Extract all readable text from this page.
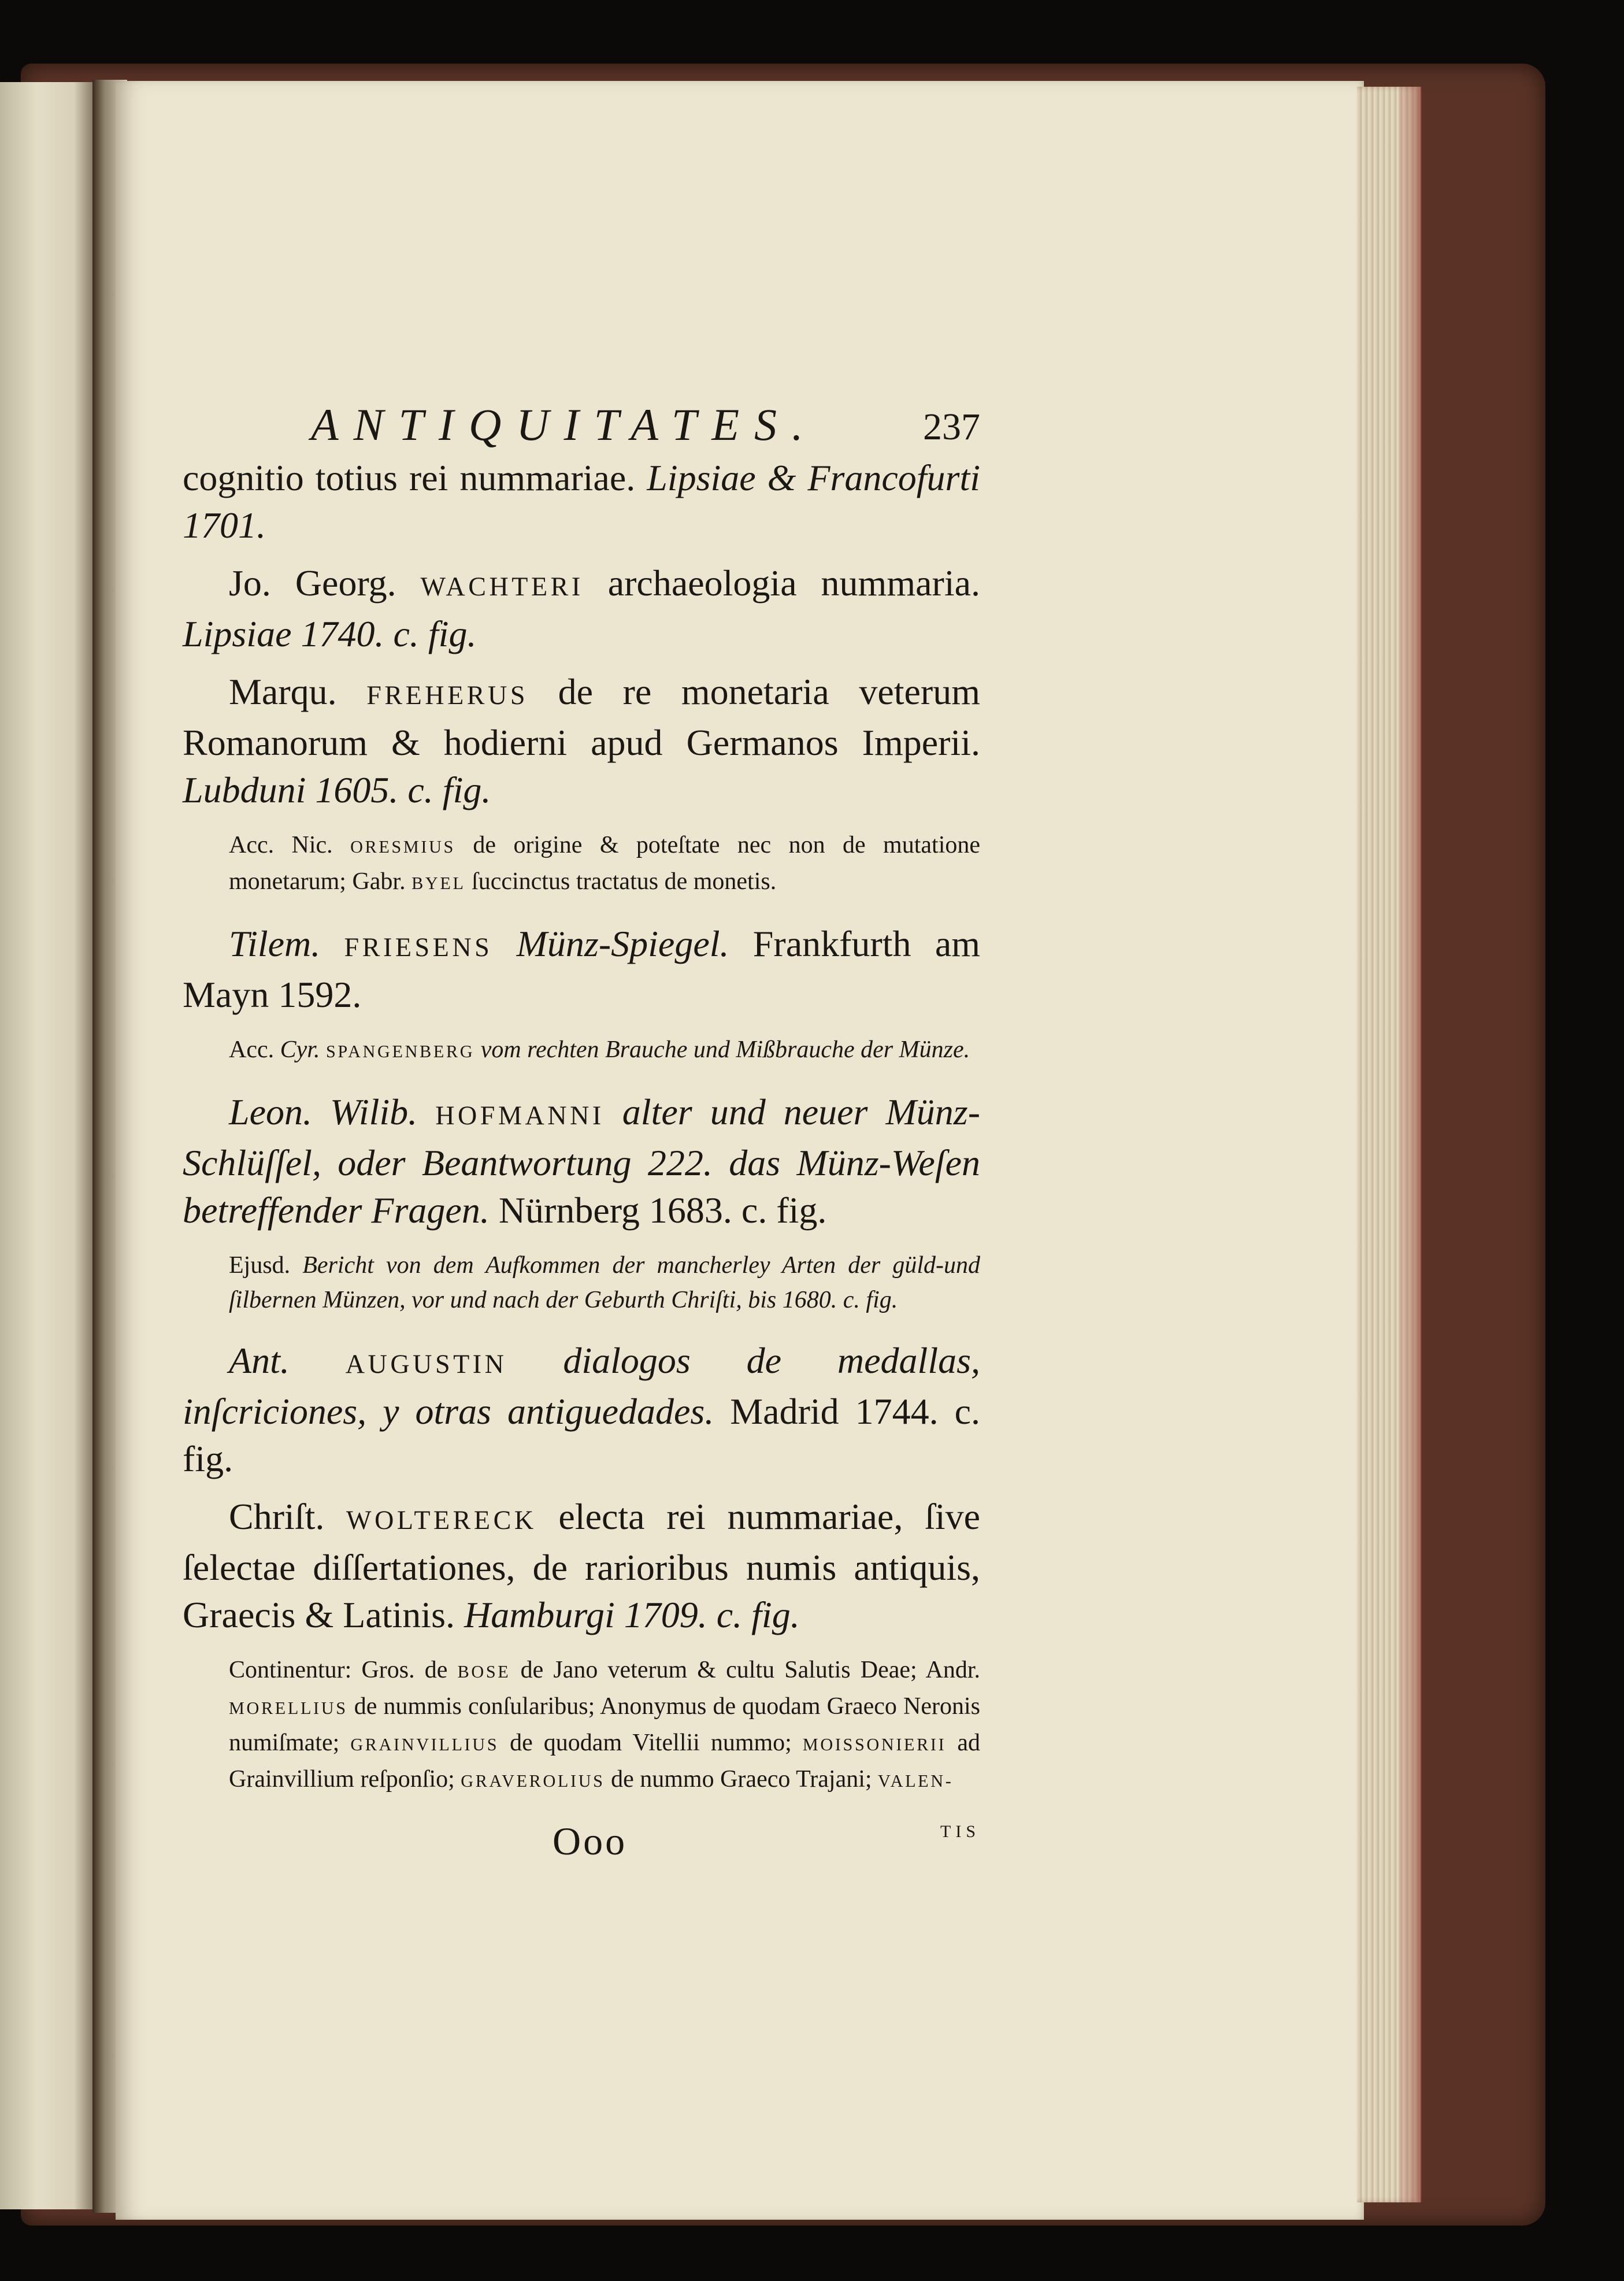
ANTIQUITATES.	237

cognitio totius rei nummariae. Lipsiae & Francofurti 1701.

Jo. Georg. WACHTERI archaeologia nummaria. Lipsiae 1740. c. fig.

Marqu. FREHERUS de re monetaria veterum Romanorum & hodierni apud Germanos Imperii. Lubduni 1605. c. fig.

Acc. Nic. ORESMIUS de origine & poteſtate nec non de mutatione monetarum; Gabr. BYEL ſuccinctus tractatus de monetis.

Tilem. FRIESENS Münz-Spiegel. Frankfurth am Mayn 1592.

Acc. Cyr. SPANGENBERG vom rechten Brauche und Mißbrauche der Münze.

Leon. Wilib. HOFMANNI alter und neuer Münz-Schlüſſel, oder Beantwortung 222. das Münz-Weſen betreffender Fragen. Nürnberg 1683. c. fig.

Ejusd. Bericht von dem Aufkommen der mancherley Arten der güld-und ſilbernen Münzen, vor und nach der Geburth Chriſti, bis 1680. c. fig.

Ant. AUGUSTIN dialogos de medallas, inſcriciones, y otras antiguedades. Madrid 1744. c. fig.

Chriſt. WOLTERECK electa rei nummariae, ſive ſelectae diſſertationes, de rarioribus numis antiquis, Graecis & Latinis. Hamburgi 1709. c. fig.

Continentur: Gros. de BOSE de Jano veterum & cultu Salutis Deae; Andr. MORELLIUS de nummis conſularibus; Anonymus de quodam Graeco Neronis numiſmate; GRAINVILLIUS de quodam Vitellii nummo; MOISSONIERII ad Grainvillium reſponſio; GRAVEROLIUS de nummo Graeco Trajani; VALEN-

Ooo	TIS
